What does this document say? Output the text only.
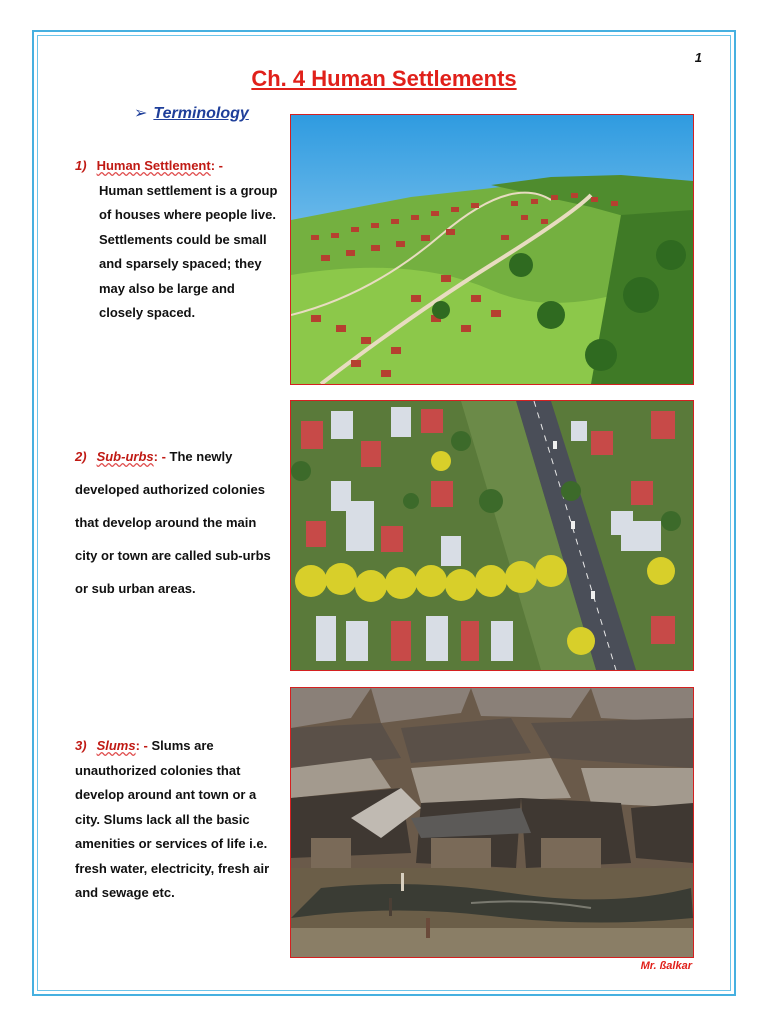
1
Ch. 4 Human Settlements
➢ Terminology
1) Human Settlement: -
Human settlement is a group of houses where people live. Settlements could be small and sparsely spaced; they may also be large and closely spaced.
2) Sub-urbs: - The newly developed authorized colonies that develop around the main city or town are called sub-urbs or sub urban areas.
3) Slums: - Slums are unauthorized colonies that develop around ant town or a city. Slums lack all the basic amenities or services of life i.e. fresh water, electricity, fresh air and sewage etc.
Mr. ßalkar
